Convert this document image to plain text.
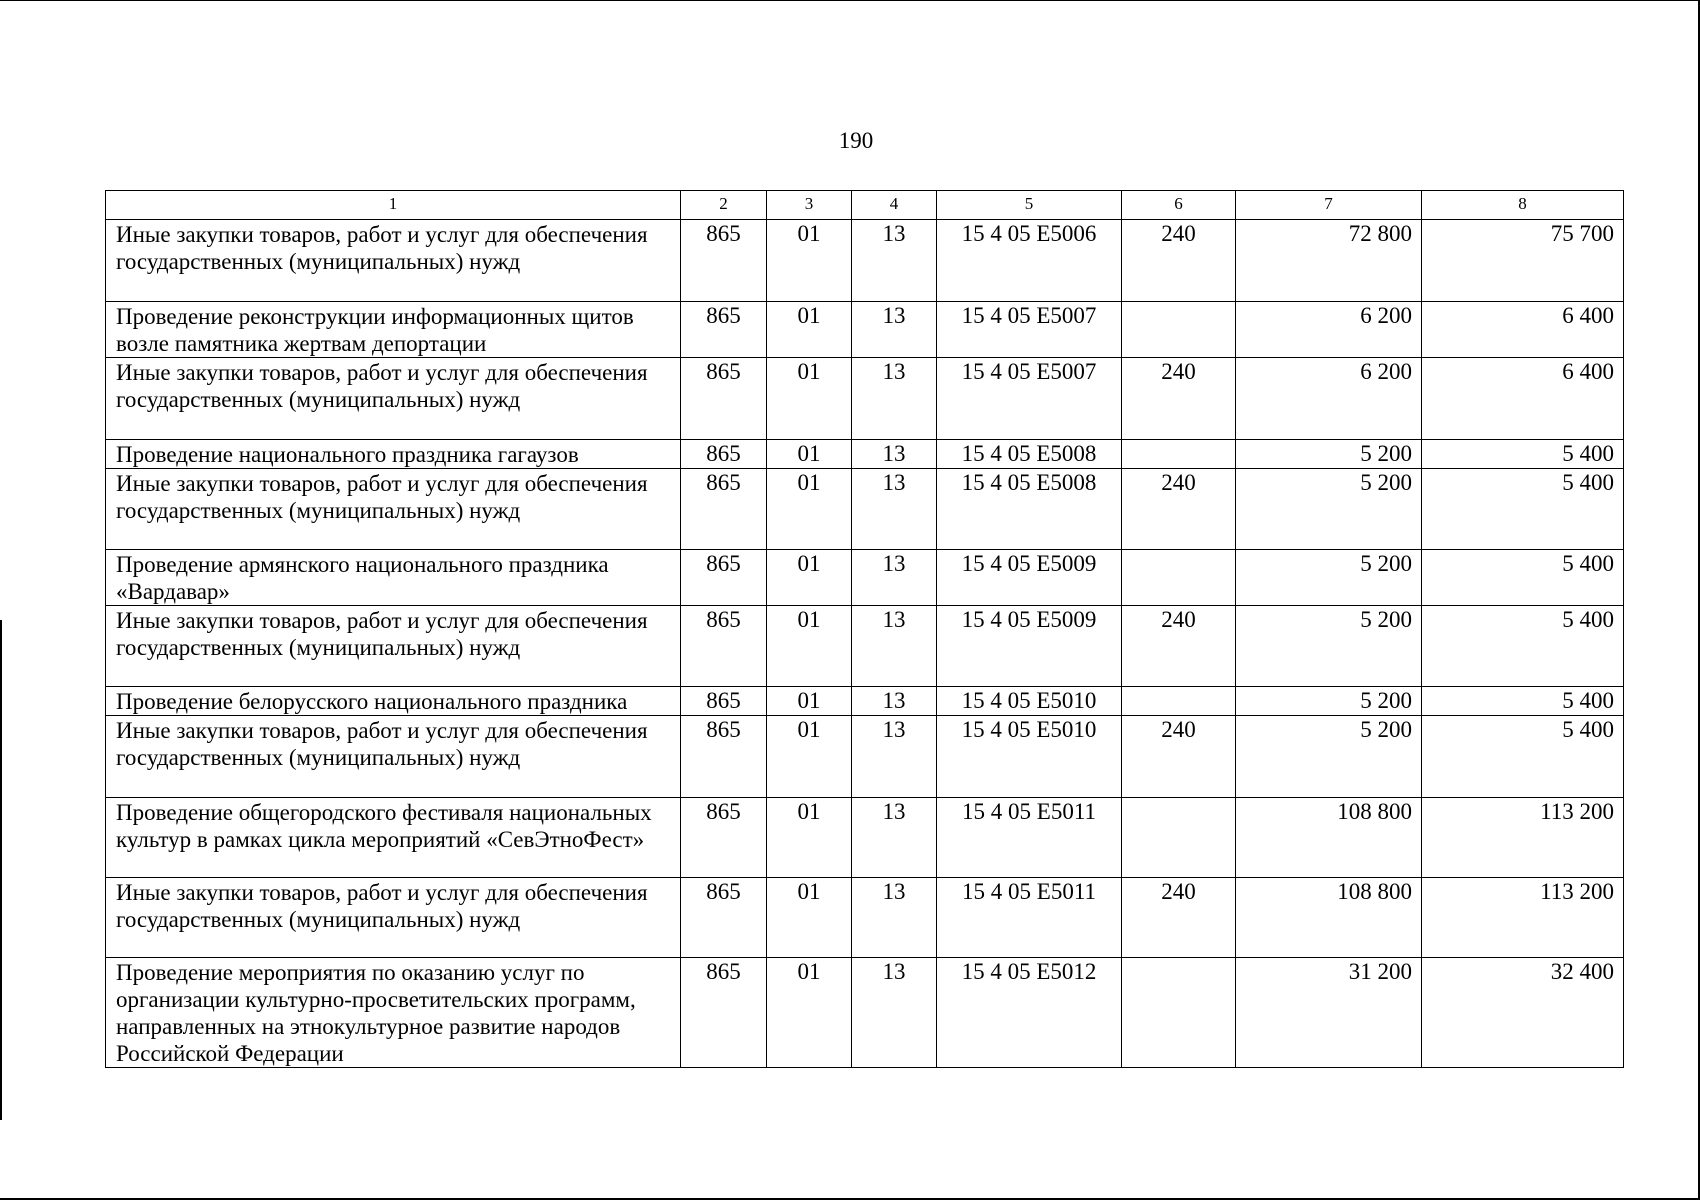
190
1	2	3	4	5	6	7	8
Иные закупки товаров, работ и услуг для обеспечения государственных (муниципальных) нужд	865	01	13	15 4 05 E5006	240	72 800	75 700
Проведение реконструкции информационных щитов возле памятника жертвам депортации	865	01	13	15 4 05 E5007		6 200	6 400
Иные закупки товаров, работ и услуг для обеспечения государственных (муниципальных) нужд	865	01	13	15 4 05 E5007	240	6 200	6 400
Проведение национального праздника гагаузов	865	01	13	15 4 05 E5008		5 200	5 400
Иные закупки товаров, работ и услуг для обеспечения государственных (муниципальных) нужд	865	01	13	15 4 05 E5008	240	5 200	5 400
Проведение армянского национального праздника «Вардавар»	865	01	13	15 4 05 E5009		5 200	5 400
Иные закупки товаров, работ и услуг для обеспечения государственных (муниципальных) нужд	865	01	13	15 4 05 E5009	240	5 200	5 400
Проведение белорусского национального праздника	865	01	13	15 4 05 E5010		5 200	5 400
Иные закупки товаров, работ и услуг для обеспечения государственных (муниципальных) нужд	865	01	13	15 4 05 E5010	240	5 200	5 400
Проведение общегородского фестиваля национальных культур в рамках цикла мероприятий «СевЭтноФест»	865	01	13	15 4 05 E5011		108 800	113 200
Иные закупки товаров, работ и услуг для обеспечения государственных (муниципальных) нужд	865	01	13	15 4 05 E5011	240	108 800	113 200
Проведение мероприятия по оказанию услуг по организации культурно-просветительских программ, направленных на этнокультурное развитие народов Российской Федерации	865	01	13	15 4 05 E5012		31 200	32 400
